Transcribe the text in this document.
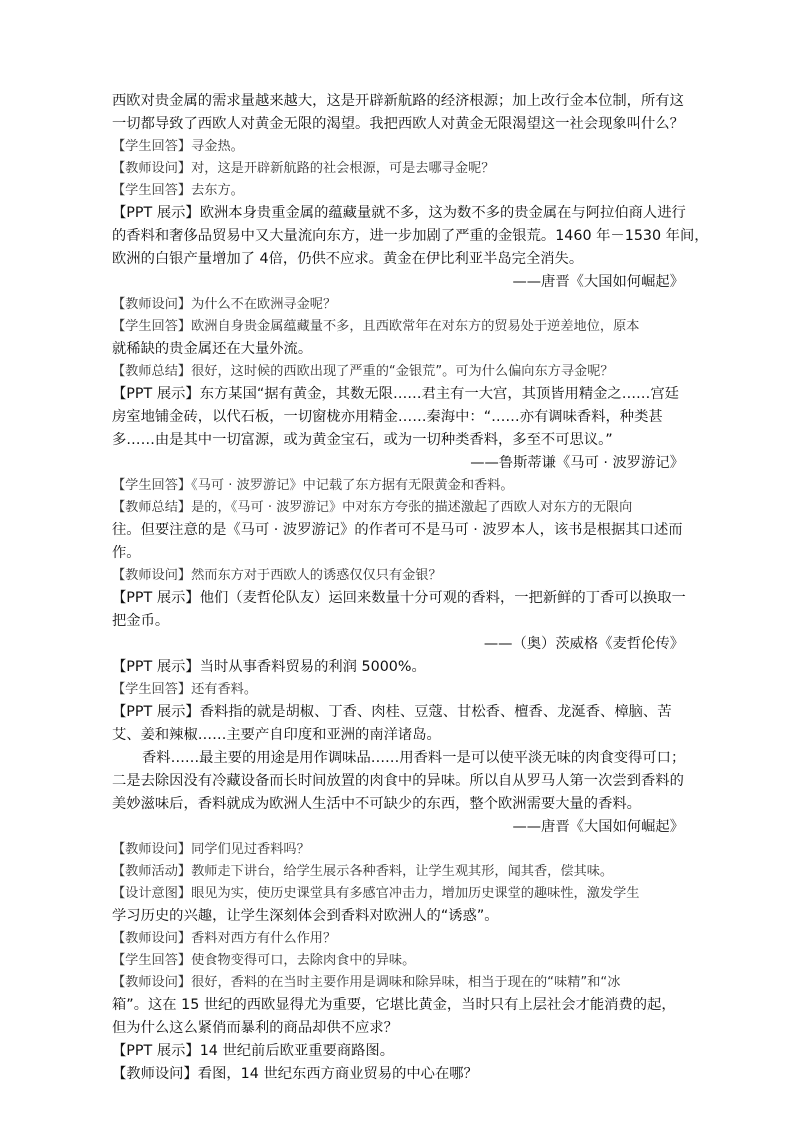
西欧对贵金属的需求量越来越大，这是开辟新航路的经济根源；加上改行金本位制，所有这

一切都导致了西欧人对黄金无限的渴望。我把西欧人对黄金无限渴望这一社会现象叫什么？

【学生回答】寻金热。

【教师设问】对，这是开辟新航路的社会根源，可是去哪寻金呢？

【学生回答】去东方。

【PPT 展示】欧洲本身贵重金属的蕴藏量就不多，这为数不多的贵金属在与阿拉伯商人进行

的香料和奢侈品贸易中又大量流向东方，进一步加剧了严重的金银荒。1460 年－1530 年间，

欧洲的白银产量增加了 4倍，仍供不应求。黄金在伊比利亚半岛完全消失。

——唐晋《大国如何崛起》

【教师设问】为什么不在欧洲寻金呢？

【学生回答】欧洲自身贵金属蕴藏量不多，且西欧常年在对东方的贸易处于逆差地位，原本

就稀缺的贵金属还在大量外流。

【教师总结】很好，这时候的西欧出现了严重的“金银荒”。可为什么偏向东方寻金呢？

【PPT 展示】东方某国“据有黄金，其数无限……君主有一大宫，其顶皆用精金之……宫廷

房室地铺金砖，以代石板，一切窗栊亦用精金……秦海中：“……亦有调味香料，种类甚

多……由是其中一切富源，或为黄金宝石，或为一切种类香料，多至不可思议。”

——鲁斯蒂谦《马可 · 波罗游记》

【学生回答】《马可 · 波罗游记》中记载了东方据有无限黄金和香料。

【教师总结】是的，《马可 · 波罗游记》中对东方夸张的描述激起了西欧人对东方的无限向

往。但要注意的是《马可 · 波罗游记》的作者可不是马可 · 波罗本人，该书是根据其口述而

作。

【教师设问】然而东方对于西欧人的诱惑仅仅只有金银？

【PPT 展示】他们（麦哲伦队友）运回来数量十分可观的香料，一把新鲜的丁香可以换取一

把金币。

——（奥）茨威格《麦哲伦传》

【PPT 展示】当时从事香料贸易的利润 5000%。

【学生回答】还有香料。

【PPT 展示】香料指的就是胡椒、丁香、肉桂、豆蔻、甘松香、檀香、龙涎香、樟脑、苦

艾、姜和辣椒……主要产自印度和亚洲的南洋诸岛。

香料……最主要的用途是用作调味品……用香料一是可以使平淡无味的肉食变得可口；

二是去除因没有冷藏设备而长时间放置的肉食中的异味。所以自从罗马人第一次尝到香料的

美妙滋味后，香料就成为欧洲人生活中不可缺少的东西，整个欧洲需要大量的香料。

——唐晋《大国如何崛起》

【教师设问】同学们见过香料吗？

【教师活动】教师走下讲台，给学生展示各种香料，让学生观其形，闻其香，偿其味。

【设计意图】眼见为实，使历史课堂具有多感官冲击力，增加历史课堂的趣味性，激发学生

学习历史的兴趣，让学生深刻体会到香料对欧洲人的“诱惑”。

【教师设问】香料对西方有什么作用？

【学生回答】使食物变得可口，去除肉食中的异味。

【教师设问】很好，香料的在当时主要作用是调味和除异味，相当于现在的“味精”和“冰

箱”。这在 15 世纪的西欧显得尤为重要，它堪比黄金，当时只有上层社会才能消费的起，

但为什么这么紧俏而暴利的商品却供不应求？

【PPT 展示】14 世纪前后欧亚重要商路图。

【教师设问】看图，14 世纪东西方商业贸易的中心在哪？
